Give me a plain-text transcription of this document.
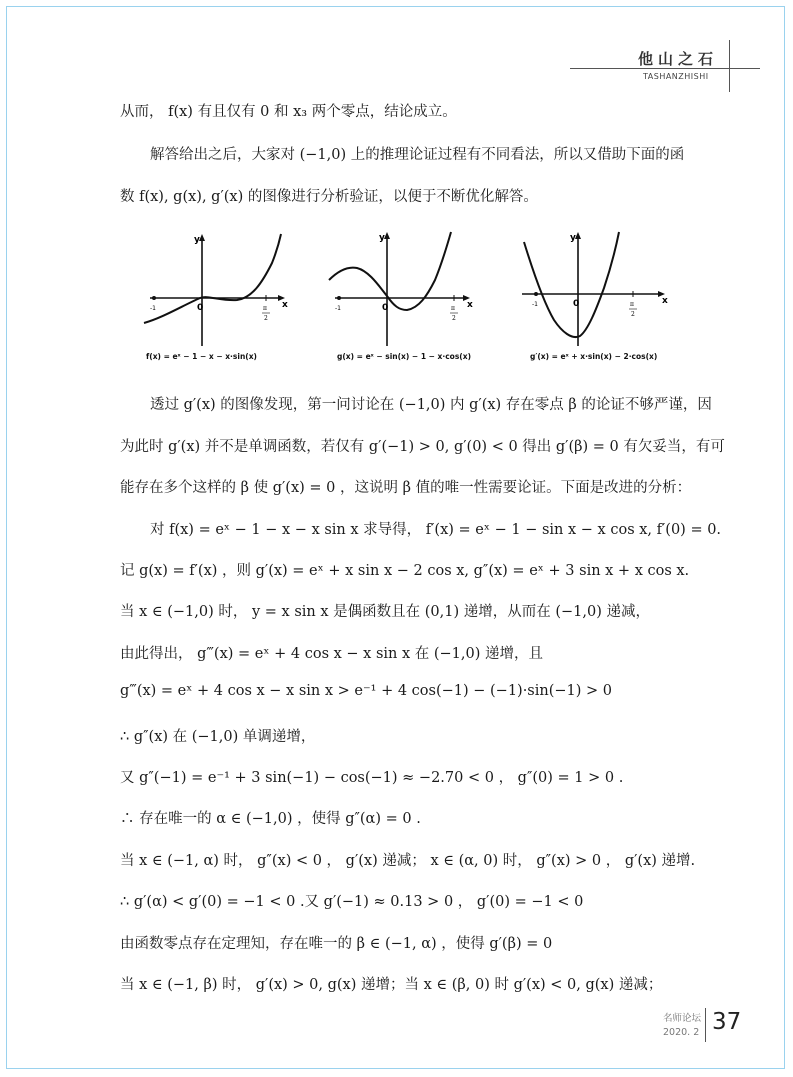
他山之石
TASHANZHISHI
从而， f(x) 有且仅有 0 和 x₃ 两个零点，结论成立。
解答给出之后，大家对 (−1,0) 上的推理论证过程有不同看法，所以又借助下面的函
数 f(x), g(x), g′(x) 的图像进行分析验证，以便于不断优化解答。
y
x
0
-1	π
2
f(x) = eˣ − 1 − x − x·sin(x)
y
x
0
-1	π
2
g(x) = eˣ − sin(x) − 1 − x·cos(x)
y
x
0
-1	π
2
g′(x) = eˣ + x·sin(x) − 2·cos(x)
透过 g′(x) 的图像发现，第一问讨论在 (−1,0) 内 g′(x) 存在零点 β 的论证不够严谨，因
为此时 g′(x) 并不是单调函数，若仅有 g′(−1) > 0, g′(0) < 0 得出 g′(β) = 0 有欠妥当，有可
能存在多个这样的 β 使 g′(x) = 0 ，这说明 β 值的唯一性需要论证。下面是改进的分析：
对 f(x) = eˣ − 1 − x − x sin x 求导得， f′(x) = eˣ − 1 − sin x − x cos x, f′(0) = 0.
记 g(x) = f′(x) ，则 g′(x) = eˣ + x sin x − 2 cos x, g″(x) = eˣ + 3 sin x + x cos x.
当 x ∈ (−1,0) 时， y = x sin x 是偶函数且在 (0,1) 递增，从而在 (−1,0) 递减，
由此得出， g‴(x) = eˣ + 4 cos x − x sin x 在 (−1,0) 递增，且
g‴(x) = eˣ + 4 cos x − x sin x > e⁻¹ + 4 cos(−1) − (−1)·sin(−1) > 0
∴ g″(x) 在 (−1,0) 单调递增，
又 g″(−1) = e⁻¹ + 3 sin(−1) − cos(−1) ≈ −2.70 < 0 ， g″(0) = 1 > 0 .
∴ 存在唯一的 α ∈ (−1,0) ，使得 g″(α) = 0 .
当 x ∈ (−1, α) 时， g″(x) < 0 ， g′(x) 递减； x ∈ (α, 0) 时， g″(x) > 0 ， g′(x) 递增.
∴ g′(α) < g′(0) = −1 < 0 .又 g′(−1) ≈ 0.13 > 0 ， g′(0) = −1 < 0
由函数零点存在定理知，存在唯一的 β ∈ (−1, α) ，使得 g′(β) = 0
当 x ∈ (−1, β) 时， g′(x) > 0, g(x) 递增；当 x ∈ (β, 0) 时 g′(x) < 0, g(x) 递减；
名师论坛
2020. 2 37
